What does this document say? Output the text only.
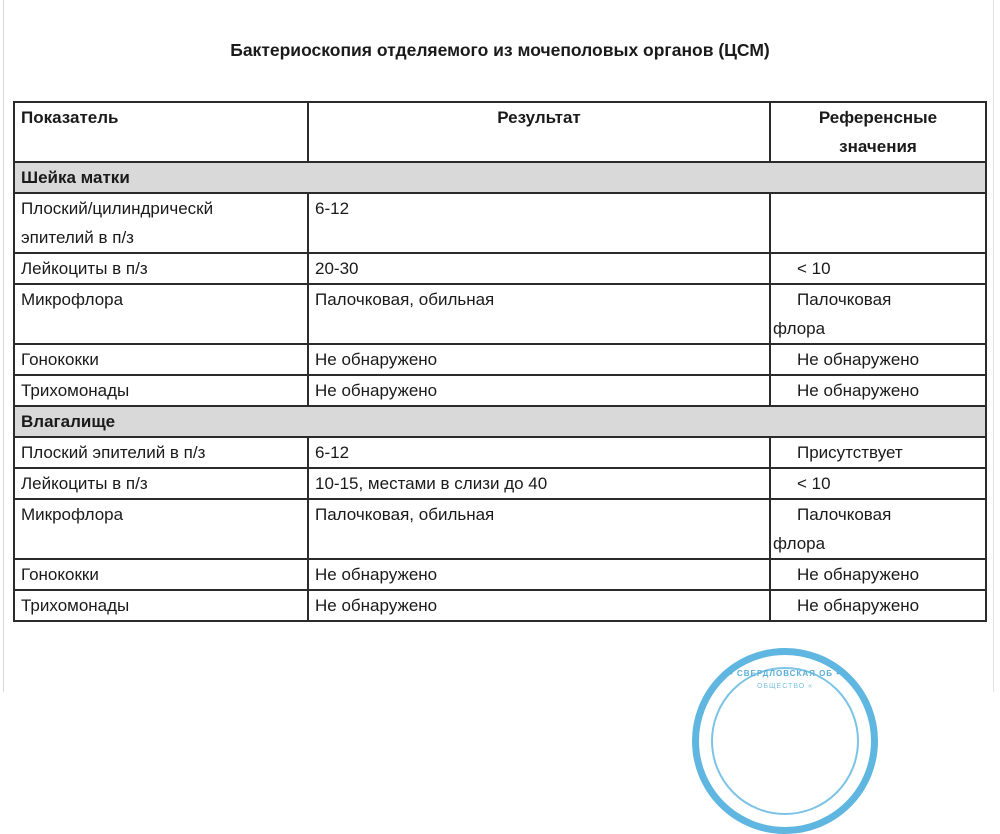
Бактериоскопия отделяемого из мочеполовых органов (ЦСМ)
Показатель	Результат	Референсные
значения

Шейка матки		

Плоский/цилиндрическй
эпителий в п/з	6-12	
Лейкоциты в п/з	20-30	< 10
Микрофлора	Палочковая, обильная	Палочковая
флора

Гонококки	Не обнаружено	Не обнаружено
Трихомонады	Не обнаружено	Не обнаружено
Влагалище		
Плоский эпителий в п/з	6-12	Присутствует
Лейкоциты в п/з	10-15, местами в слизи до 40	< 10
Микрофлора	Палочковая, обильная	Палочковая
флора

Гонококки	Не обнаружено	Не обнаружено
Трихомонады	Не обнаружено	Не обнаружено
• СВЕРДЛОВСКАЯ ОБ •
ОБЩЕСТВО «
